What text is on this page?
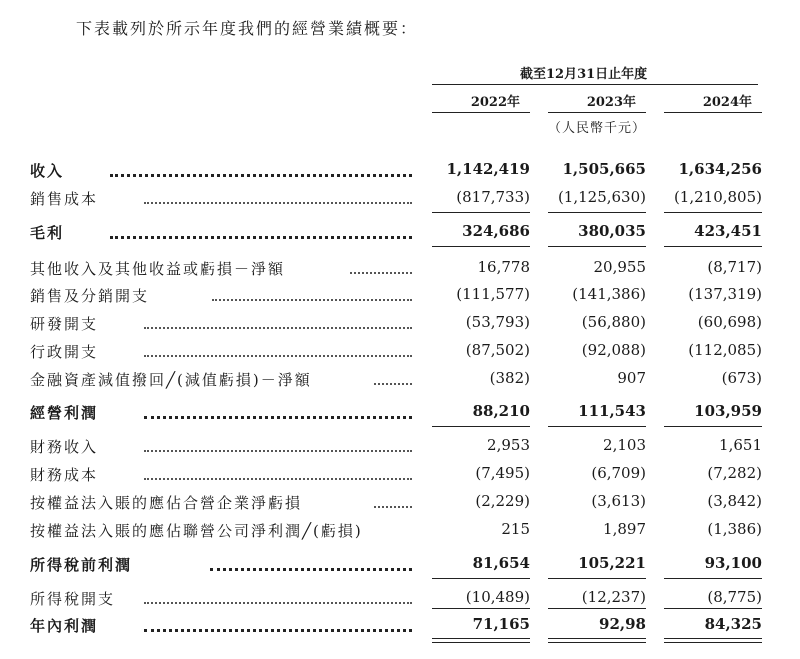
下表載列於所示年度我們的經營業績概要：
截至12月31日止年度
2022年	2023年	2024年
（人民幣千元）
收入	1,142,419	1,505,665	1,634,256
銷售成本	(817,733)	(1,125,630)	(1,210,805)
毛利	324,686	380,035	423,451
其他收入及其他收益或虧損－淨額	16,778	20,955	(8,717)
銷售及分銷開支	(111,577)	(141,386)	(137,319)
研發開支	(53,793)	(56,880)	(60,698)
行政開支	(87,502)	(92,088)	(112,085)
金融資產減值撥回╱(減值虧損)－淨額	(382)	907	(673)
經營利潤	88,210	111,543	103,959
財務收入	2,953	2,103	1,651
財務成本	(7,495)	(6,709)	(7,282)
按權益法入賬的應佔合營企業淨虧損	(2,229)	(3,613)	(3,842)
按權益法入賬的應佔聯營公司淨利潤╱(虧損)	215	1,897	(1,386)
所得稅前利潤	81,654	105,221	93,100
所得稅開支	(10,489)	(12,237)	(8,775)
年內利潤	71,165	92,98	84,325
